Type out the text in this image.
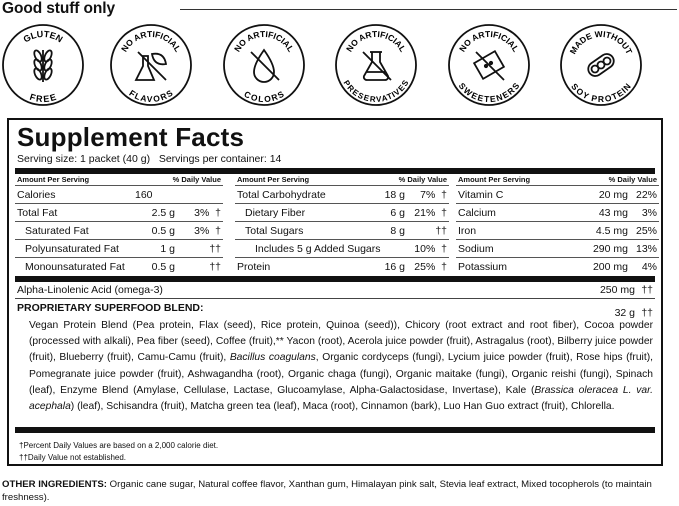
Good stuff only
GLUTEN
FREE
NO ARTIFICIAL
FLAVORS
NO ARTIFICIAL
COLORS
NO ARTIFICIAL
PRESERVATIVES
NO ARTIFICIAL
SWEETENERS
MADE WITHOUT
SOY PROTEIN
Supplement Facts
Serving size: 1 packet (40 g)   Servings per container: 14
Amount Per Serving	% Daily Value
Calories	160
Total Fat	2.5 g 3%  †
Saturated Fat	0.5 g 3%  †
Polyunsaturated Fat	1 g	††
Monounsaturated Fat	0.5 g	††
Amount Per Serving	% Daily Value
Total Carbohydrate	18 g 7%  †
Dietary Fiber	6 g 21%  †
Total Sugars	8 g	††
Includes 5 g Added Sugars	10%  †
Protein	16 g 25%  †
Amount Per Serving	% Daily Value
Vitamin C	20 mg 22%
Calcium	43 mg 3%
Iron	4.5 mg 25%
Sodium	290 mg 13%
Potassium	200 mg 4%
Alpha-Linolenic Acid (omega-3)	250 mg ††
PROPRIETARY SUPERFOOD BLEND:	32 g ††
Vegan Protein Blend (Pea protein, Flax (seed), Rice protein, Quinoa (seed)), Chicory (root extract and root fiber), Cocoa powder (processed with alkali), Pea fiber (seed), Coffee (fruit),** Yacon (root), Acerola juice powder (fruit), Astragalus (root), Bilberry juice powder (fruit), Blueberry (fruit), Camu-Camu (fruit), Bacillus coagulans, Organic cordyceps (fungi), Lycium juice powder (fruit), Rose hips (fruit), Pomegranate juice powder (fruit), Ashwagandha (root), Organic chaga (fungi), Organic maitake (fungi), Organic reishi (fungi), Spinach (leaf), Enzyme Blend (Amylase, Cellulase, Lactase, Glucoamylase, Alpha-Galactosidase, Invertase), Kale (Brassica oleracea L. var. acephala) (leaf), Schisandra (fruit), Matcha green tea (leaf), Maca (root), Cinnamon (bark), Luo Han Guo extract (fruit), Chlorella.
†Percent Daily Values are based on a 2,000 calorie diet.
††Daily Value not established.
OTHER INGREDIENTS: Organic cane sugar, Natural coffee flavor, Xanthan gum, Himalayan pink salt, Stevia leaf extract, Mixed tocopherols (to maintain freshness).
